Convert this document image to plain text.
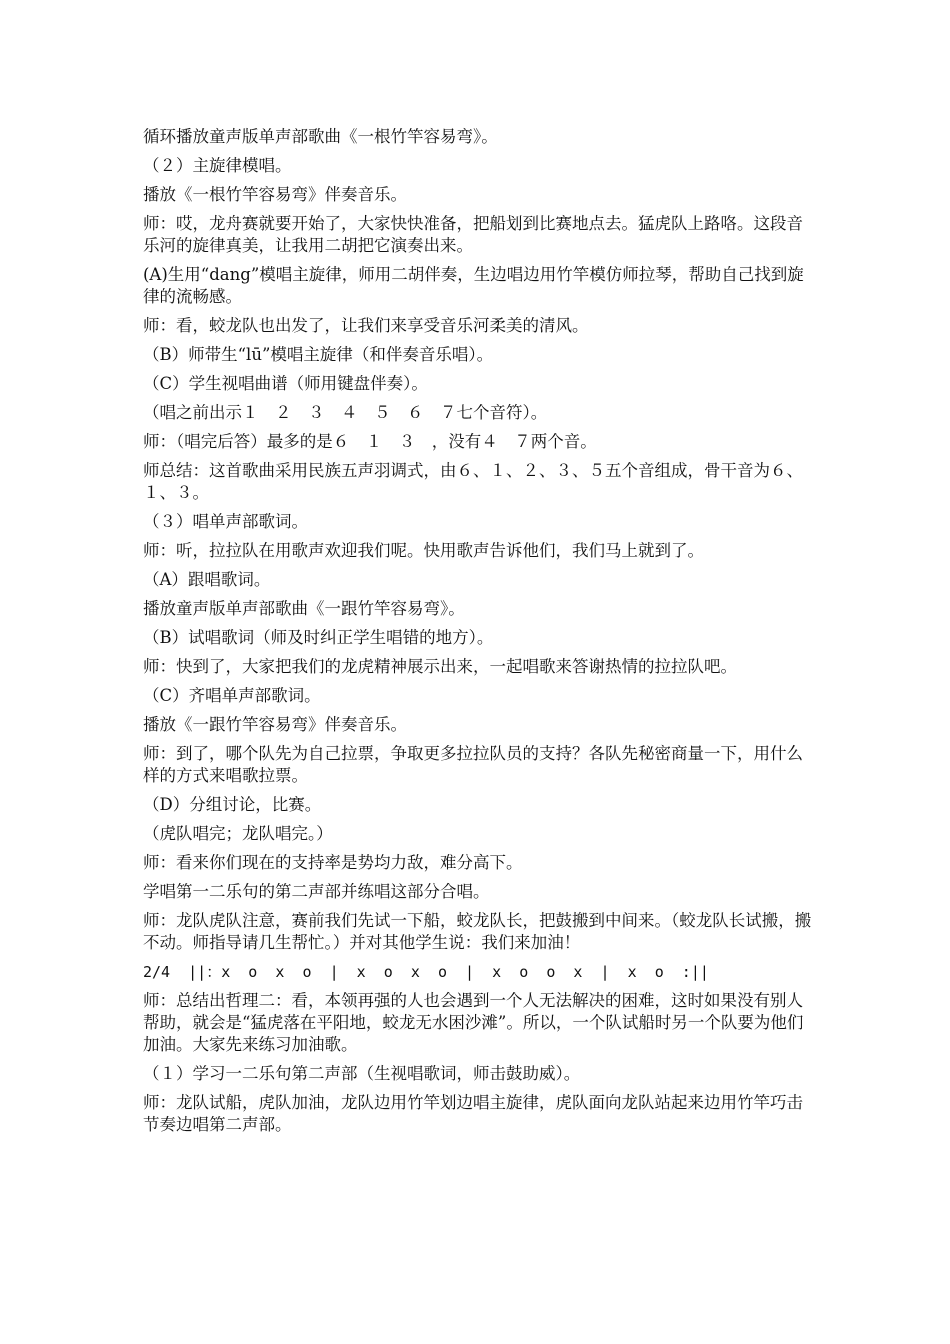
循环播放童声版单声部歌曲《一根竹竿容易弯》。

（２）主旋律模唱。

播放《一根竹竿容易弯》伴奏音乐。

师：哎，龙舟赛就要开始了，大家快快准备，把船划到比赛地点去。猛虎队上路咯。这段音乐河的旋律真美，让我用二胡把它演奏出来。

(A)生用“dang”模唱主旋律，师用二胡伴奏，生边唱边用竹竿模仿师拉琴，帮助自己找到旋律的流畅感。

师：看，蛟龙队也出发了，让我们来享受音乐河柔美的清风。

（B）师带生“lū”模唱主旋律（和伴奏音乐唱）。

（C）学生视唱曲谱（师用键盘伴奏）。

（唱之前出示１　２　３　４　５　６　７七个音符）。

师：（唱完后答）最多的是６　１　３　，没有４　７两个音。

师总结：这首歌曲采用民族五声羽调式，由６、１、２、３、５五个音组成，骨干音为６、１、３。

（３）唱单声部歌词。

师：听，拉拉队在用歌声欢迎我们呢。快用歌声告诉他们，我们马上就到了。

（A）跟唱歌词。

播放童声版单声部歌曲《一跟竹竿容易弯》。

（B）试唱歌词（师及时纠正学生唱错的地方）。

师：快到了，大家把我们的龙虎精神展示出来，一起唱歌来答谢热情的拉拉队吧。

（C）齐唱单声部歌词。

播放《一跟竹竿容易弯》伴奏音乐。

师：到了，哪个队先为自己拉票，争取更多拉拉队员的支持？各队先秘密商量一下，用什么样的方式来唱歌拉票。

（D）分组讨论，比赛。

（虎队唱完；龙队唱完。）

师：看来你们现在的支持率是势均力敌，难分高下。

学唱第一二乐句的第二声部并练唱这部分合唱。

师：龙队虎队注意，赛前我们先试一下船，蛟龙队长，把鼓搬到中间来。（蛟龙队长试搬，搬不动。师指导请几生帮忙。）并对其他学生说：我们来加油！

2/4  ||：x  o  x  o  |  x  o  x  o  |  x  o  o  x  |  x  o  :||

师：总结出哲理二：看，本领再强的人也会遇到一个人无法解决的困难，这时如果没有别人帮助，就会是“猛虎落在平阳地，蛟龙无水困沙滩”。所以，一个队试船时另一个队要为他们加油。大家先来练习加油歌。

（１）学习一二乐句第二声部（生视唱歌词，师击鼓助威）。

师：龙队试船，虎队加油，龙队边用竹竿划边唱主旋律，虎队面向龙队站起来边用竹竿巧击节奏边唱第二声部。
